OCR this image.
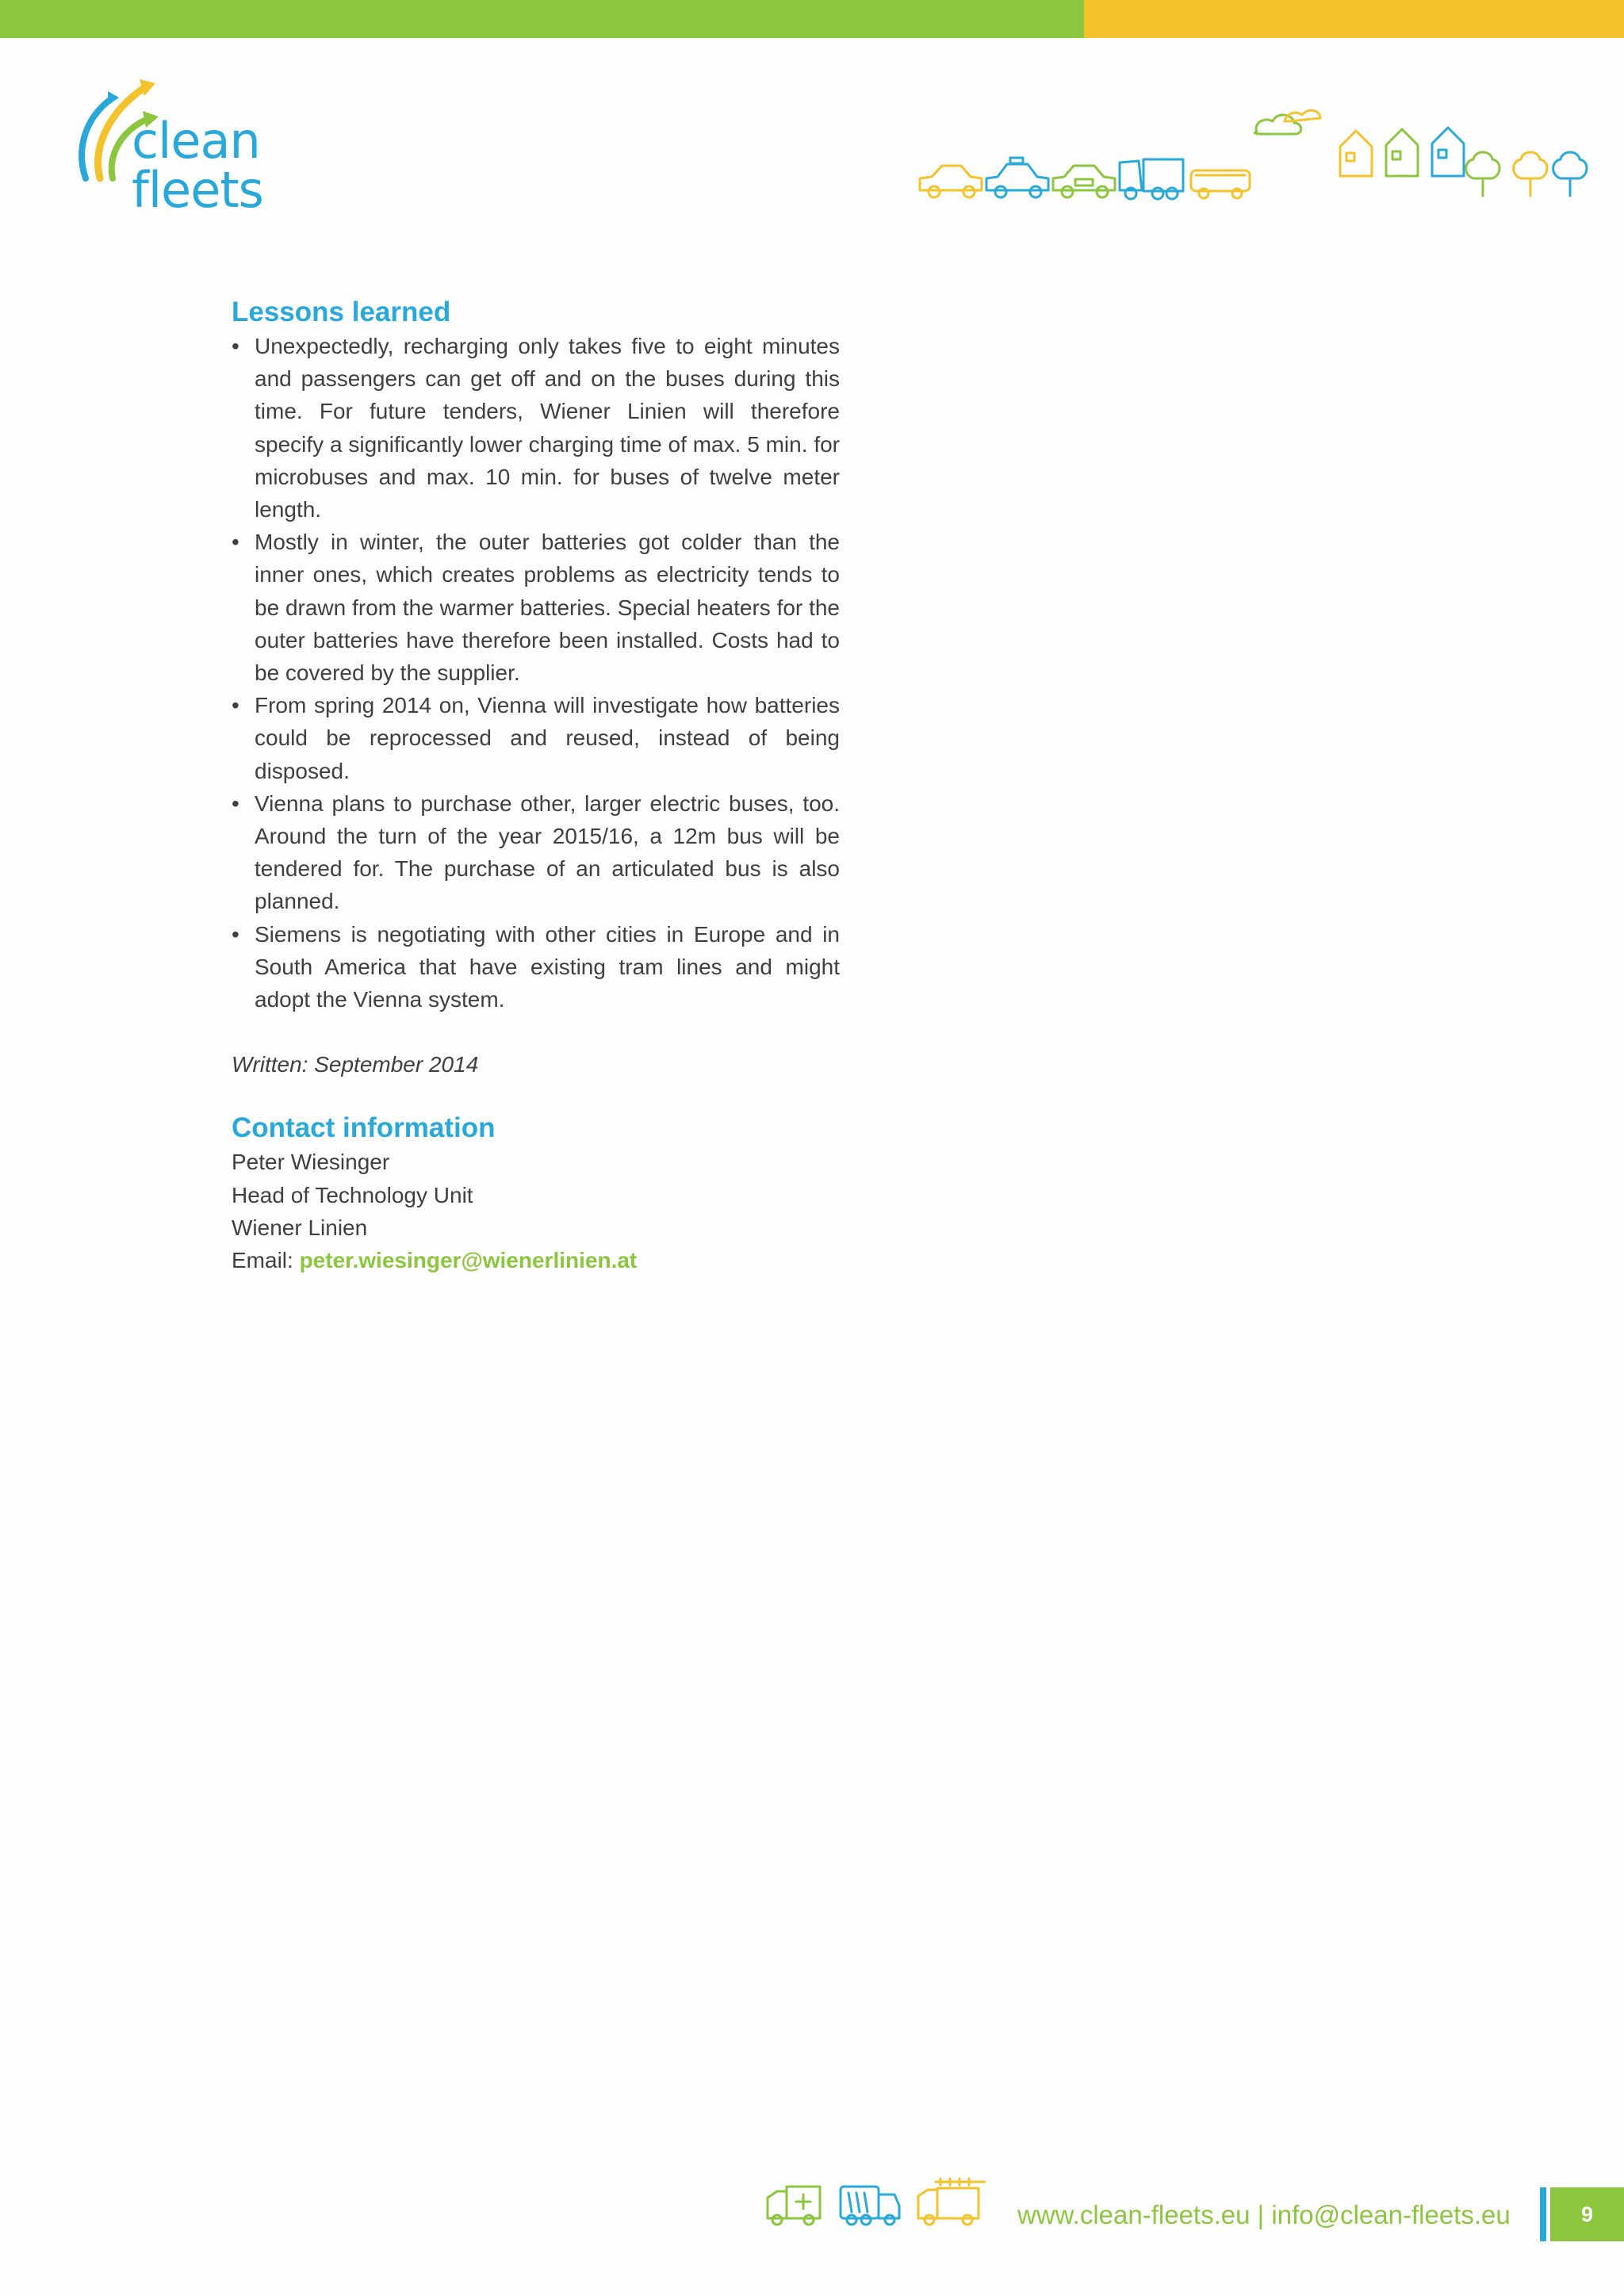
clean fleets
Lessons learned
• Unexpectedly, recharging only takes five to eight minutes and passengers can get off and on the buses during this time. For future tenders, Wiener Linien will therefore specify a significantly lower charging time of max. 5 min. for microbuses and max. 10 min. for buses of twelve meter length.
• Mostly in winter, the outer batteries got colder than the inner ones, which creates problems as electricity tends to be drawn from the warmer batteries. Special heaters for the outer batteries have therefore been installed. Costs had to be covered by the supplier.
• From spring 2014 on, Vienna will investigate how batteries could be reprocessed and reused, instead of being disposed.
• Vienna plans to purchase other, larger electric buses, too. Around the turn of the year 2015/16, a 12m bus will be tendered for. The purchase of an articulated bus is also planned.
• Siemens is negotiating with other cities in Europe and in South America that have existing tram lines and might adopt the Vienna system.
Written: September 2014
Contact information
Peter Wiesinger
Head of Technology Unit
Wiener Linien
Email: peter.wiesinger@wienerlinien.at
www.clean-fleets.eu | info@clean-fleets.eu	9
